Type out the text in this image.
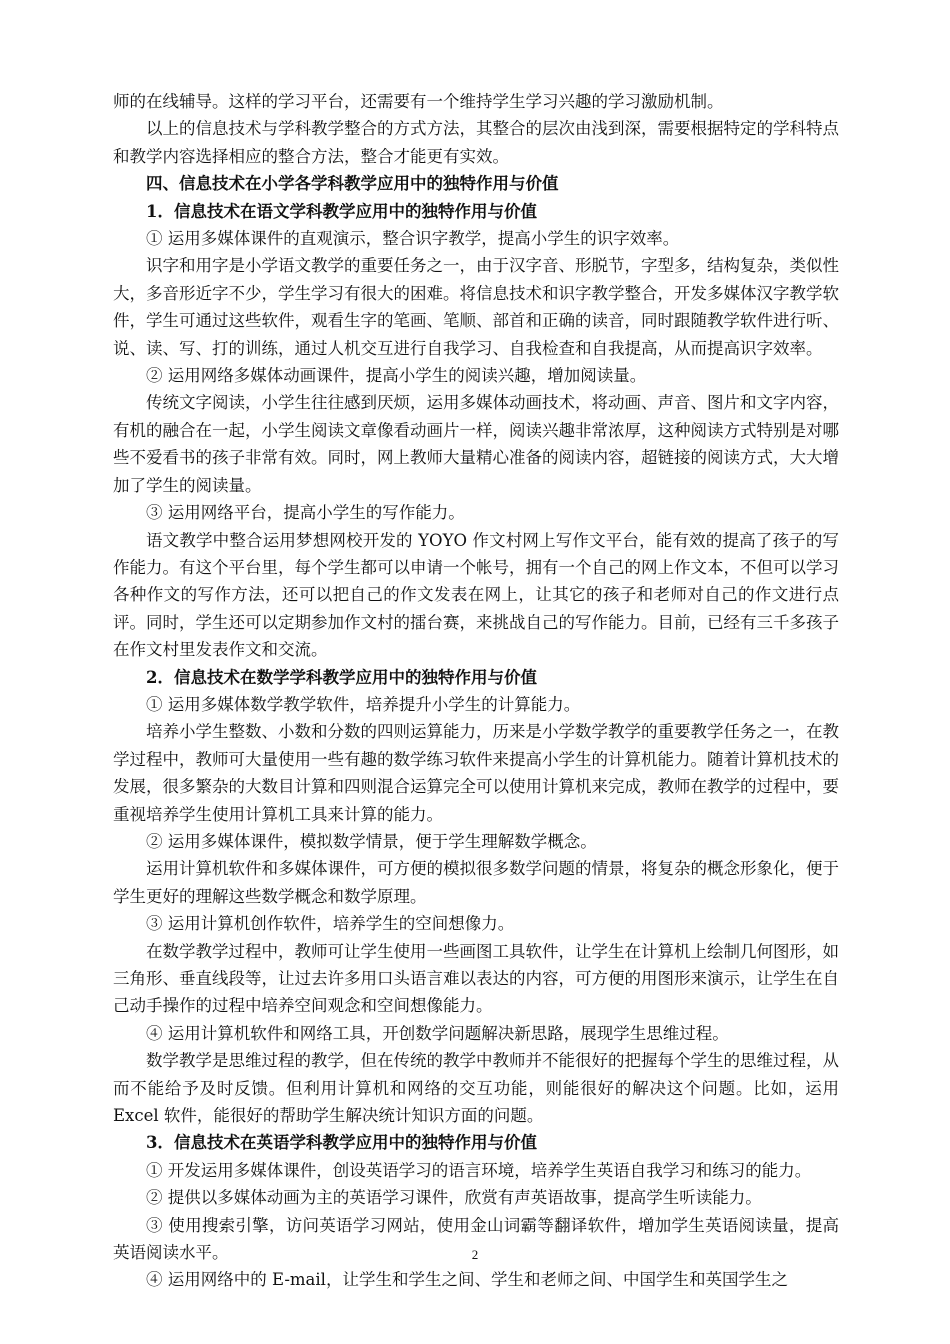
师的在线辅导。这样的学习平台，还需要有一个维持学生学习兴趣的学习激励机制。

以上的信息技术与学科教学整合的方式方法，其整合的层次由浅到深，需要根据特定的学科特点和教学内容选择相应的整合方法，整合才能更有实效。

四、信息技术在小学各学科教学应用中的独特作用与价值

1．信息技术在语文学科教学应用中的独特作用与价值

① 运用多媒体课件的直观演示，整合识字教学，提高小学生的识字效率。

识字和用字是小学语文教学的重要任务之一，由于汉字音、形脱节，字型多，结构复杂，类似性大，多音形近字不少，学生学习有很大的困难。将信息技术和识字教学整合，开发多媒体汉字教学软件，学生可通过这些软件，观看生字的笔画、笔顺、部首和正确的读音，同时跟随教学软件进行听、说、读、写、打的训练，通过人机交互进行自我学习、自我检查和自我提高，从而提高识字效率。

② 运用网络多媒体动画课件，提高小学生的阅读兴趣，增加阅读量。

传统文字阅读，小学生往往感到厌烦，运用多媒体动画技术，将动画、声音、图片和文字内容，有机的融合在一起，小学生阅读文章像看动画片一样，阅读兴趣非常浓厚，这种阅读方式特别是对哪些不爱看书的孩子非常有效。同时，网上教师大量精心准备的阅读内容，超链接的阅读方式，大大增加了学生的阅读量。

③ 运用网络平台，提高小学生的写作能力。

语文教学中整合运用梦想网校开发的 YOYO 作文村网上写作文平台，能有效的提高了孩子的写作能力。有这个平台里，每个学生都可以申请一个帐号，拥有一个自己的网上作文本，不但可以学习各种作文的写作方法，还可以把自己的作文发表在网上，让其它的孩子和老师对自己的作文进行点评。同时，学生还可以定期参加作文村的擂台赛，来挑战自己的写作能力。目前，已经有三千多孩子在作文村里发表作文和交流。

2．信息技术在数学学科教学应用中的独特作用与价值

① 运用多媒体数学教学软件，培养提升小学生的计算能力。

培养小学生整数、小数和分数的四则运算能力，历来是小学数学教学的重要教学任务之一，在教学过程中，教师可大量使用一些有趣的数学练习软件来提高小学生的计算机能力。随着计算机技术的发展，很多繁杂的大数目计算和四则混合运算完全可以使用计算机来完成，教师在教学的过程中，要重视培养学生使用计算机工具来计算的能力。

② 运用多媒体课件，模拟数学情景，便于学生理解数学概念。

运用计算机软件和多媒体课件，可方便的模拟很多数学问题的情景，将复杂的概念形象化，便于学生更好的理解这些数学概念和数学原理。

③ 运用计算机创作软件，培养学生的空间想像力。

在数学教学过程中，教师可让学生使用一些画图工具软件，让学生在计算机上绘制几何图形，如三角形、垂直线段等，让过去许多用口头语言难以表达的内容，可方便的用图形来演示，让学生在自己动手操作的过程中培养空间观念和空间想像能力。

④ 运用计算机软件和网络工具，开创数学问题解决新思路，展现学生思维过程。

数学教学是思维过程的教学，但在传统的教学中教师并不能很好的把握每个学生的思维过程，从而不能给予及时反馈。但利用计算机和网络的交互功能，则能很好的解决这个问题。比如，运用 Excel 软件，能很好的帮助学生解决统计知识方面的问题。

3．信息技术在英语学科教学应用中的独特作用与价值

① 开发运用多媒体课件，创设英语学习的语言环境，培养学生英语自我学习和练习的能力。

② 提供以多媒体动画为主的英语学习课件，欣赏有声英语故事，提高学生听读能力。

③ 使用搜索引擎，访问英语学习网站，使用金山词霸等翻译软件，增加学生英语阅读量，提高英语阅读水平。

④ 运用网络中的 E-mail，让学生和学生之间、学生和老师之间、中国学生和英国学生之

2
